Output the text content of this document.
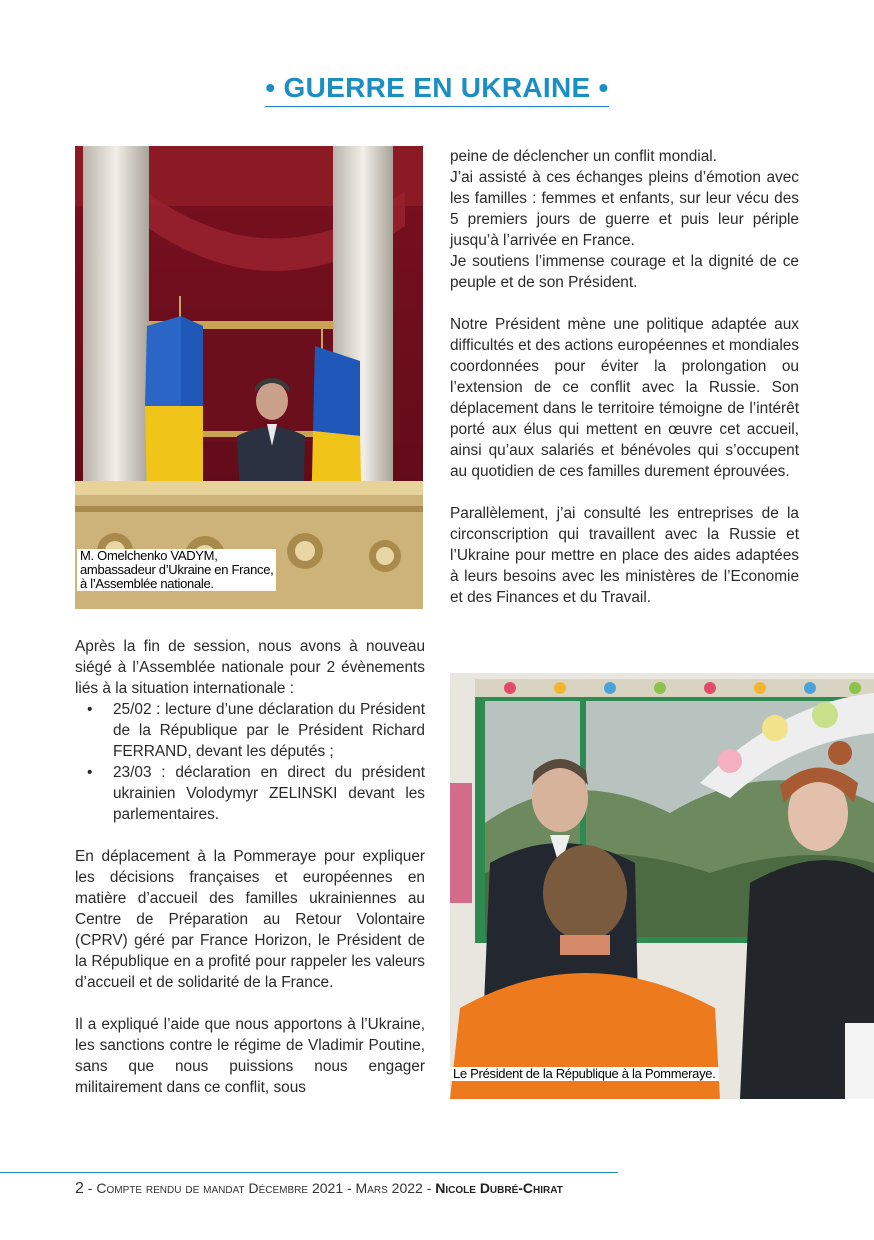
• GUERRE EN UKRAINE •
M. Omelchenko VADYM,
ambassadeur d’Ukraine en France,
à l’Assemblée nationale.

Après la fin de session, nous avons à nouveau siégé à l’Assemblée nationale pour 2 évènements liés à la situation internationale :

• 25/02 : lecture d’une déclaration du Président de la République par le Président Richard FERRAND, devant les députés ;
• 23/03 : déclaration en direct du président ukrainien Volodymyr ZELINSKI devant les parlementaires.

En déplacement à la Pommeraye pour expliquer les décisions françaises et européennes en matière d’accueil des familles ukrainiennes au Centre de Préparation au Retour Volontaire (CPRV) géré par France Horizon, le Président de la République en a profité pour rappeler les valeurs d’accueil et de solidarité de la France.

Il a expliqué l’aide que nous apportons à l’Ukraine, les sanctions contre le régime de Vladimir Poutine, sans que nous puissions nous engager militairement dans ce conflit, sous

peine de déclencher un conflit mondial.

J’ai assisté à ces échanges pleins d’émotion avec les familles : femmes et enfants, sur leur vécu des 5 premiers jours de guerre et puis leur périple jusqu’à l’arrivée en France.

Je soutiens l’immense courage et la dignité de ce peuple et de son Président.

Notre Président mène une politique adaptée aux difficultés et des actions européennes et mondiales coordonnées pour éviter la prolongation ou l’extension de ce conflit avec la Russie. Son déplacement dans le territoire témoigne de l’intérêt porté aux élus qui mettent en œuvre cet accueil, ainsi qu’aux salariés et bénévoles qui s’occupent au quotidien de ces familles durement éprouvées.

Parallèlement, j’ai consulté les entreprises de la circonscription qui travaillent avec la Russie et l’Ukraine pour mettre en place des aides adaptées à leurs besoins avec les ministères de l’Economie et des Finances et du Travail.

Le Président de la République à la Pommeraye.
2 - Compte rendu de mandat Décembre 2021 - Mars 2022 - Nicole Dubré-Chirat
